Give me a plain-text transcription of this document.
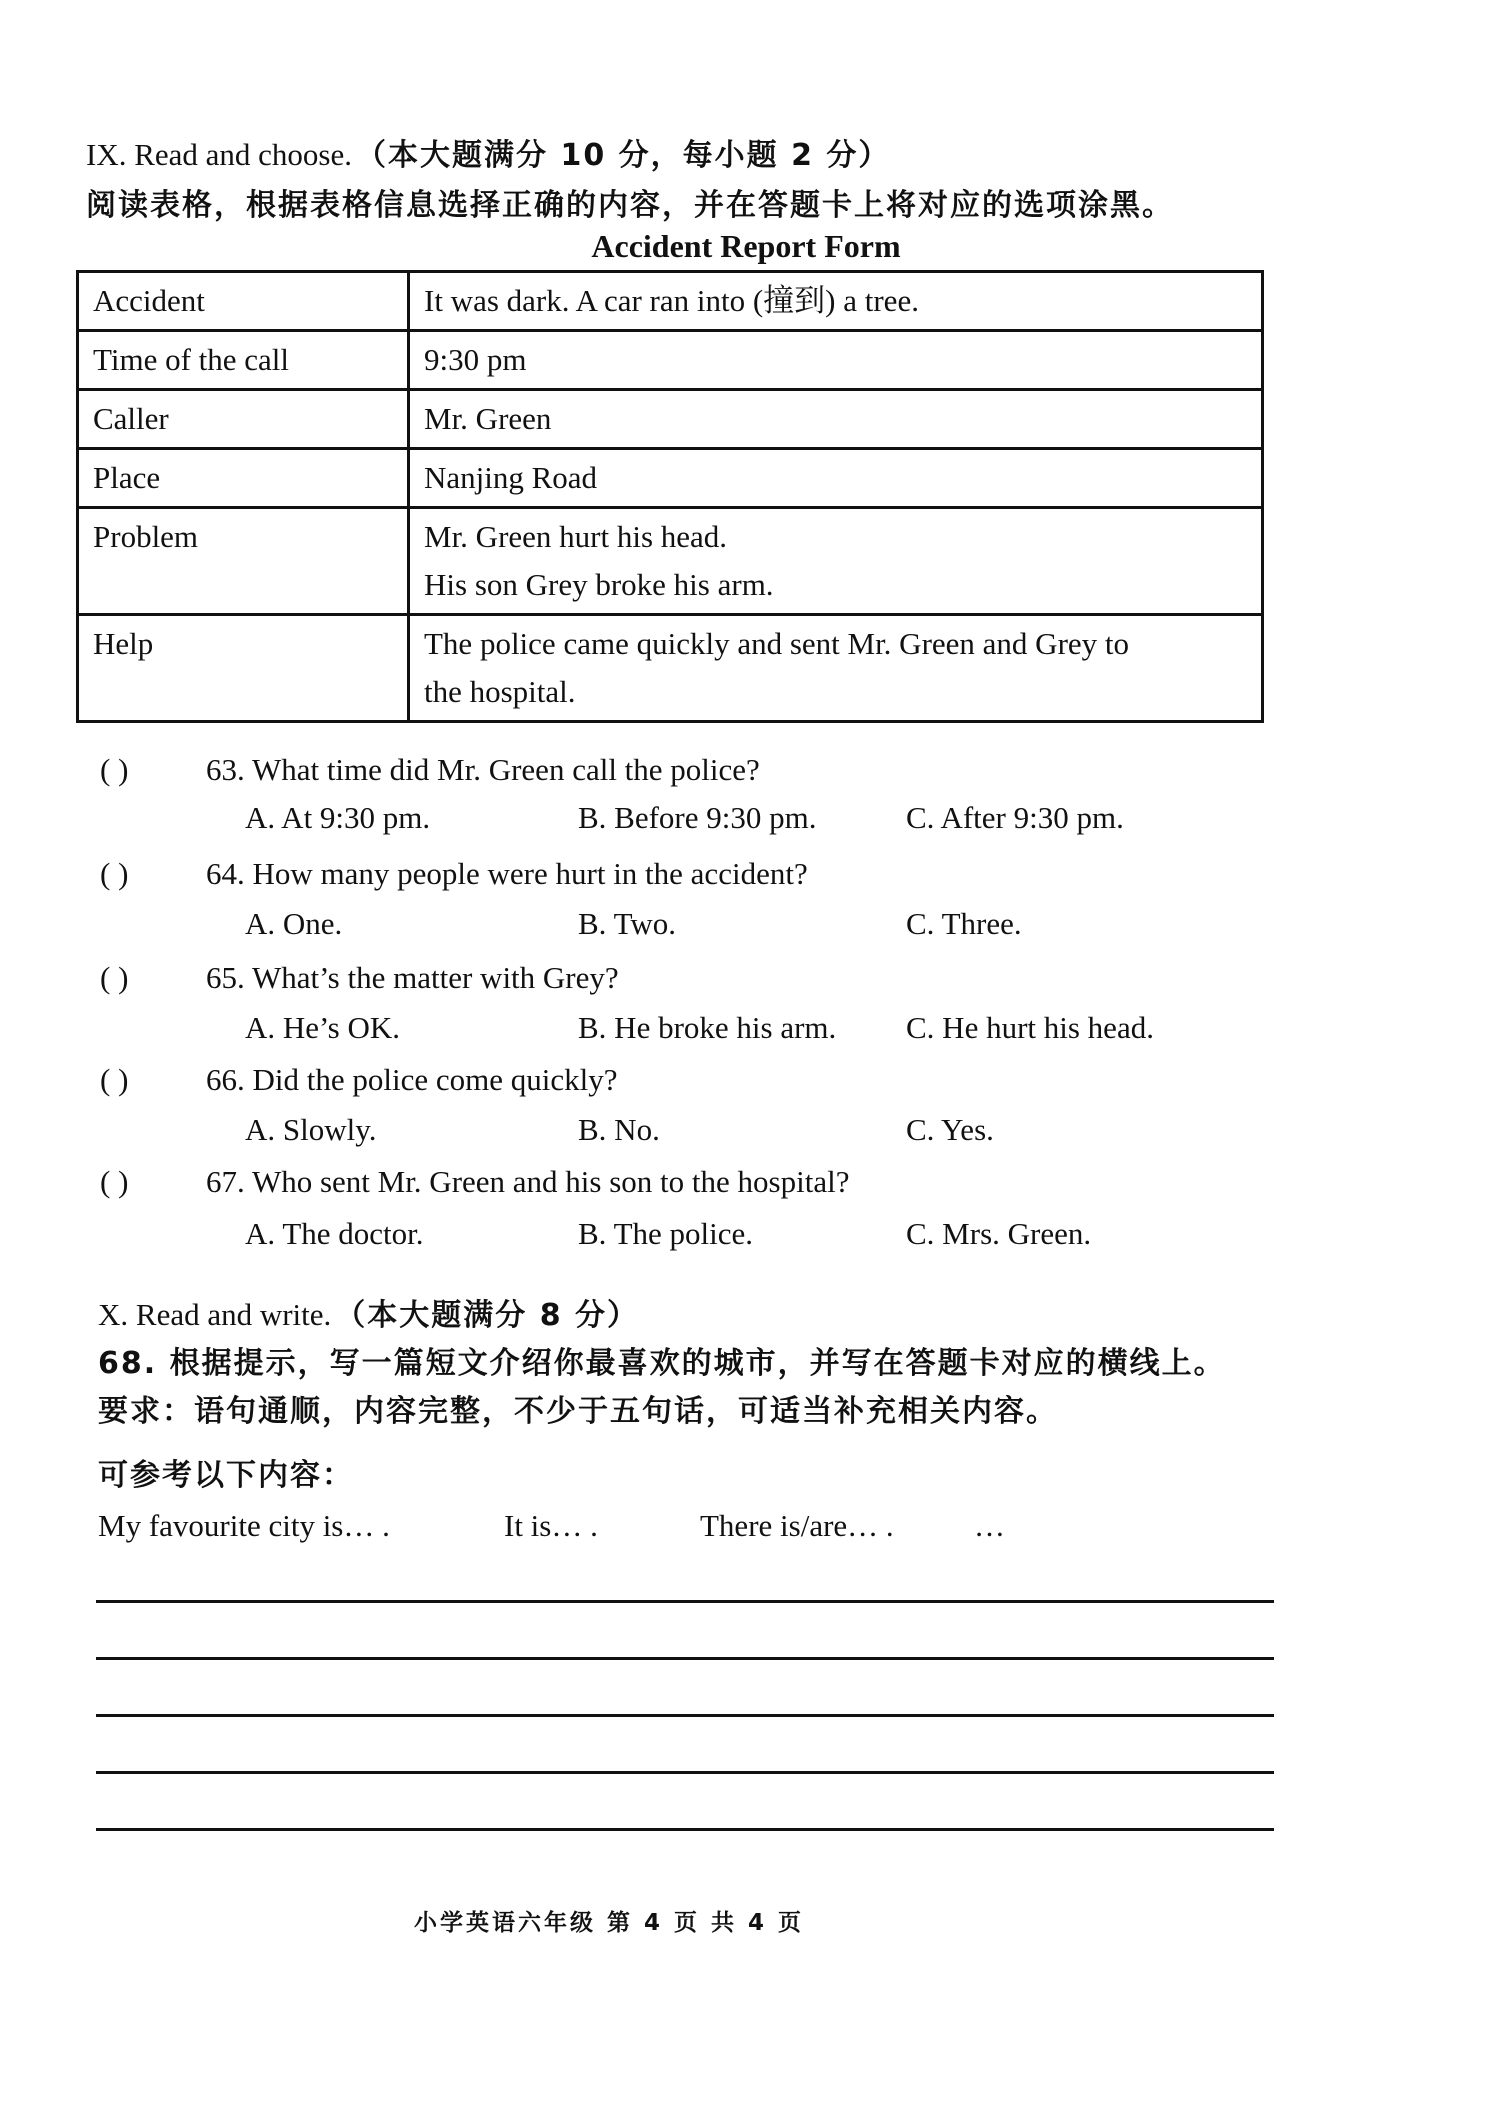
IX. Read and choose. （本大题满分 10 分，每小题 2 分）
阅读表格，根据表格信息选择正确的内容，并在答题卡上将对应的选项涂黑。
Accident Report Form
Accident	It was dark. A car ran into (撞到) a tree.
Time of the call	9:30 pm
Caller	Mr. Green
Place	Nanjing Road
Problem	Mr. Green hurt his head.
His son Grey broke his arm.

Help	The police came quickly and sent Mr. Green and Grey to
the hospital.
( )	63. What time did Mr. Green call the police?
A. At 9:30 pm.	B. Before 9:30 pm.	C. After 9:30 pm.
( )	64. How many people were hurt in the accident?
A. One.	B. Two.	C. Three.
( )	65. What’s the matter with Grey?
A. He’s OK.	B. He broke his arm. C. He hurt his head.
( )	66. Did the police come quickly?
A. Slowly.	B. No.	C. Yes.
( )	67. Who sent Mr. Green and his son to the hospital?
A. The doctor.	B. The police.	C. Mrs. Green.
X. Read and write. （本大题满分 8 分）
68. 根据提示，写一篇短文介绍你最喜欢的城市，并写在答题卡对应的横线上。
要求：语句通顺，内容完整，不少于五句话，可适当补充相关内容。
可参考以下内容：
My favourite city is… .	It is… .	There is/are… .	…
小学英语六年级 第 4 页 共 4 页
